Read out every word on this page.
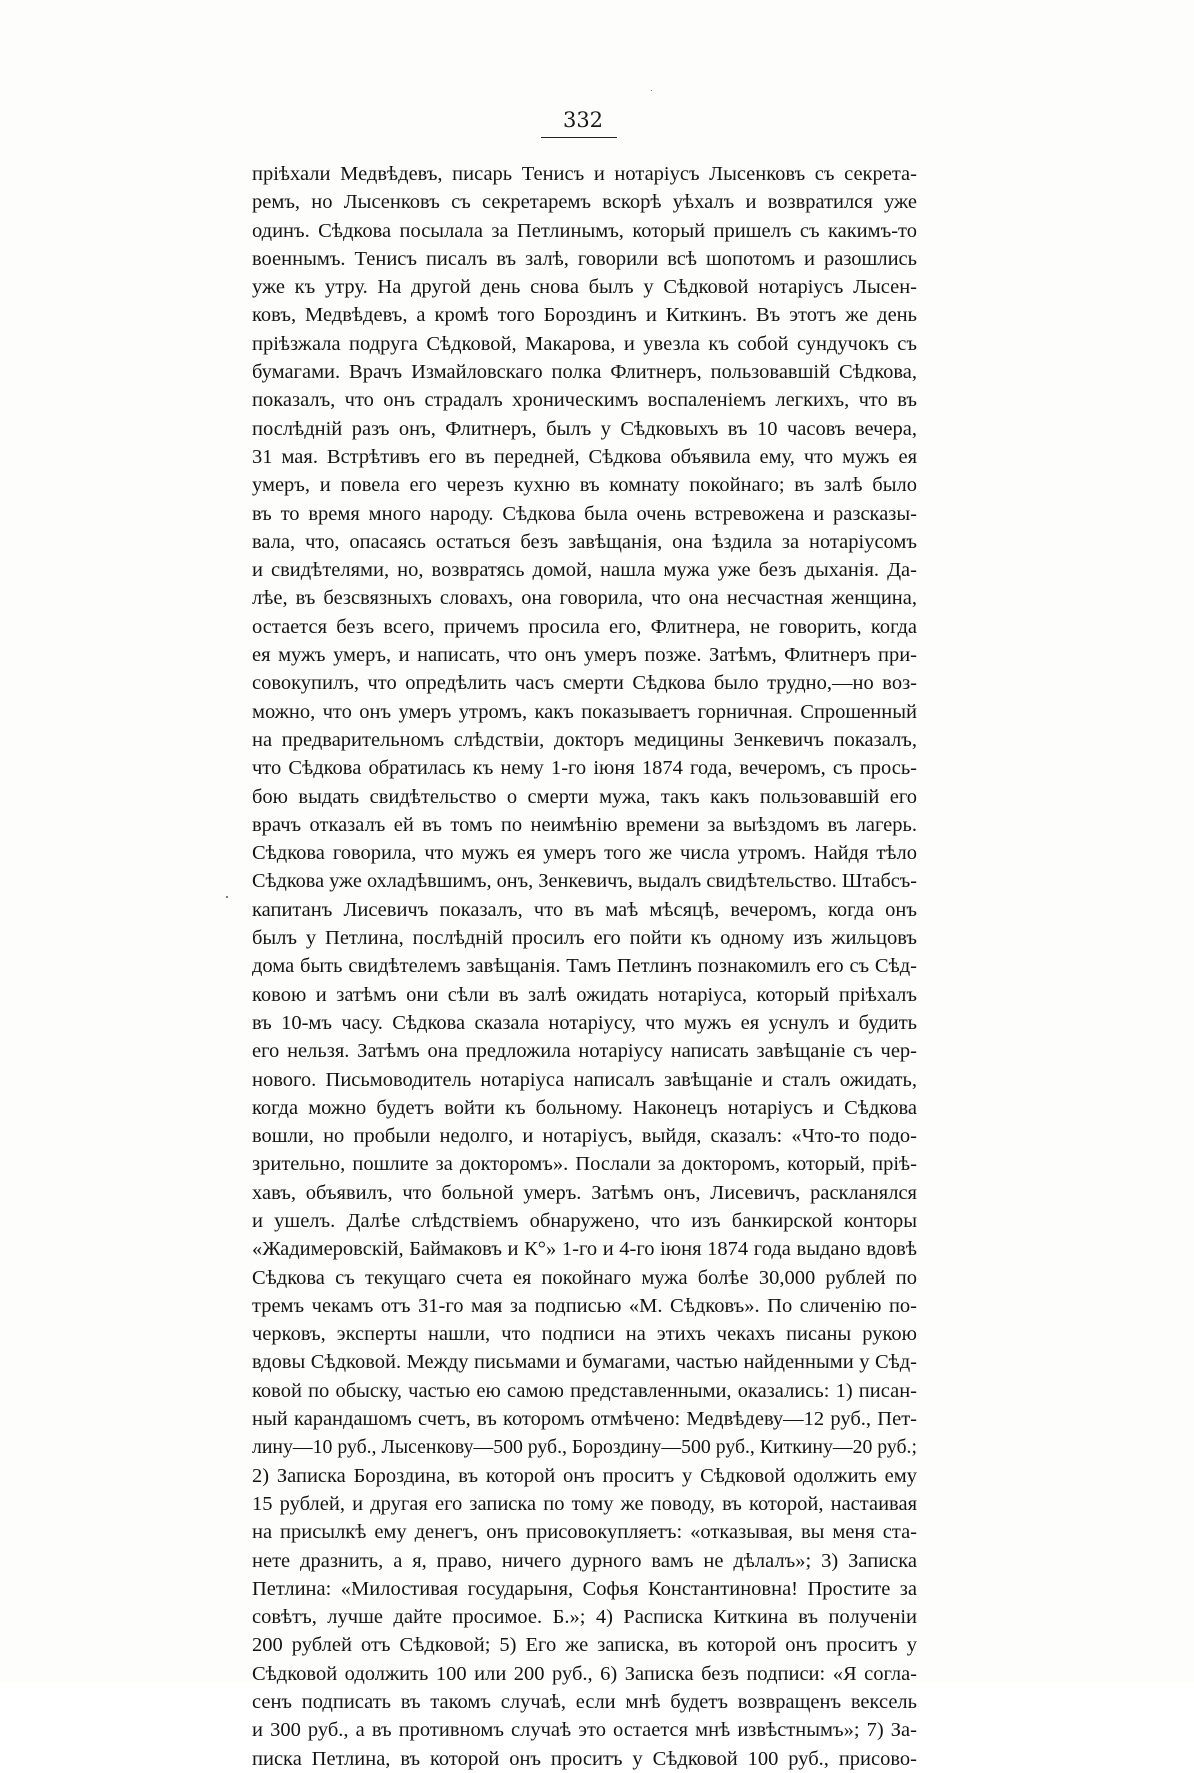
332
пріѣхали Медвѣдевъ, писарь Тенисъ и нотаріусъ Лысенковъ съ секрета-
ремъ, но Лысенковъ съ секретаремъ вскорѣ уѣхалъ и возвратился уже
одинъ. Сѣдкова посылала за Петлинымъ, который пришелъ съ какимъ-то
военнымъ. Тенисъ писалъ въ залѣ, говорили всѣ шопотомъ и разошлись
уже къ утру. На другой день снова былъ у Сѣдковой нотаріусъ Лысен-
ковъ, Медвѣдевъ, а кромѣ того Бороздинъ и Киткинъ. Въ этотъ же день
пріѣзжала подруга Сѣдковой, Макарова, и увезла къ собой сундучокъ съ
бумагами. Врачъ Измайловскаго полка Флитнеръ, пользовавшій Сѣдкова,
показалъ, что онъ страдалъ хроническимъ воспаленіемъ легкихъ, что въ
послѣдній разъ онъ, Флитнеръ, былъ у Сѣдковыхъ въ 10 часовъ вечера,
31 мая. Встрѣтивъ его въ передней, Сѣдкова объявила ему, что мужъ ея
умеръ, и повела его черезъ кухню въ комнату покойнаго; въ залѣ было
въ то время много народу. Сѣдкова была очень встревожена и разсказы-
вала, что, опасаясь остаться безъ завѣщанія, она ѣздила за нотаріусомъ
и свидѣтелями, но, возвратясь домой, нашла мужа уже безъ дыханія. Да-
лѣе, въ безсвязныхъ словахъ, она говорила, что она несчастная женщина,
остается безъ всего, причемъ просила его, Флитнера, не говорить, когда
ея мужъ умеръ, и написать, что онъ умеръ позже. Затѣмъ, Флитнеръ при-
совокупилъ, что опредѣлить часъ смерти Сѣдкова было трудно,—но воз-
можно, что онъ умеръ утромъ, какъ показываетъ горничная. Спрошенный
на предварительномъ слѣдствіи, докторъ медицины Зенкевичъ показалъ,
что Сѣдкова обратилась къ нему 1-го іюня 1874 года, вечеромъ, съ прось-
бою выдать свидѣтельство о смерти мужа, такъ какъ пользовавшій его
врачъ отказалъ ей въ томъ по неимѣнію времени за выѣздомъ въ лагерь.
Сѣдкова говорила, что мужъ ея умеръ того же числа утромъ. Найдя тѣло
Сѣдкова уже охладѣвшимъ, онъ, Зенкевичъ, выдалъ свидѣтельство. Штабсъ-
капитанъ Лисевичъ показалъ, что въ маѣ мѣсяцѣ, вечеромъ, когда онъ
былъ у Петлина, послѣдній просилъ его пойти къ одному изъ жильцовъ
дома быть свидѣтелемъ завѣщанія. Тамъ Петлинъ познакомилъ его съ Сѣд-
ковою и затѣмъ они сѣли въ залѣ ожидать нотаріуса, который пріѣхалъ
въ 10-мъ часу. Сѣдкова сказала нотаріусу, что мужъ ея уснулъ и будить
его нельзя. Затѣмъ она предложила нотаріусу написать завѣщаніе съ чер-
нового. Письмоводитель нотаріуса написалъ завѣщаніе и сталъ ожидать,
когда можно будетъ войти къ больному. Наконецъ нотаріусъ и Сѣдкова
вошли, но пробыли недолго, и нотаріусъ, выйдя, сказалъ: «Что-то подо-
зрительно, пошлите за докторомъ». Послали за докторомъ, который, пріѣ-
хавъ, объявилъ, что больной умеръ. Затѣмъ онъ, Лисевичъ, раскланялся
и ушелъ. Далѣе слѣдствіемъ обнаружено, что изъ банкирской конторы
«Жадимеровскій, Баймаковъ и К°» 1-го и 4-го іюня 1874 года выдано вдовѣ
Сѣдкова съ текущаго счета ея покойнаго мужа болѣе 30,000 рублей по
тремъ чекамъ отъ 31-го мая за подписью «М. Сѣдковъ». По сличенію по-
черковъ, эксперты нашли, что подписи на этихъ чекахъ писаны рукою
вдовы Сѣдковой. Между письмами и бумагами, частью найденными у Сѣд-
ковой по обыску, частью ею самою представленными, оказались: 1) писан-
ный карандашомъ счетъ, въ которомъ отмѣчено: Медвѣдеву—12 руб., Пет-
лину—10 руб., Лысенкову—500 руб., Бороздину—500 руб., Киткину—20 руб.;
2) Записка Бороздина, въ которой онъ проситъ у Сѣдковой одолжить ему
15 рублей, и другая его записка по тому же поводу, въ которой, настаивая
на присылкѣ ему денегъ, онъ присовокупляетъ: «отказывая, вы меня ста-
нете дразнить, а я, право, ничего дурного вамъ не дѣлалъ»; 3) Записка
Петлина: «Милостивая государыня, Софья Константиновна! Простите за
совѣтъ, лучше дайте просимое. Б.»; 4) Расписка Киткина въ полученіи
200 рублей отъ Сѣдковой; 5) Его же записка, въ которой онъ проситъ у
Сѣдковой одолжить 100 или 200 руб., 6) Записка безъ подписи: «Я согла-
сенъ подписать въ такомъ случаѣ, если мнѣ будетъ возвращенъ вексель
и 300 руб., а въ противномъ случаѣ это остается мнѣ извѣстнымъ»; 7) За-
писка Петлина, въ которой онъ проситъ у Сѣдковой 100 руб., присово-
